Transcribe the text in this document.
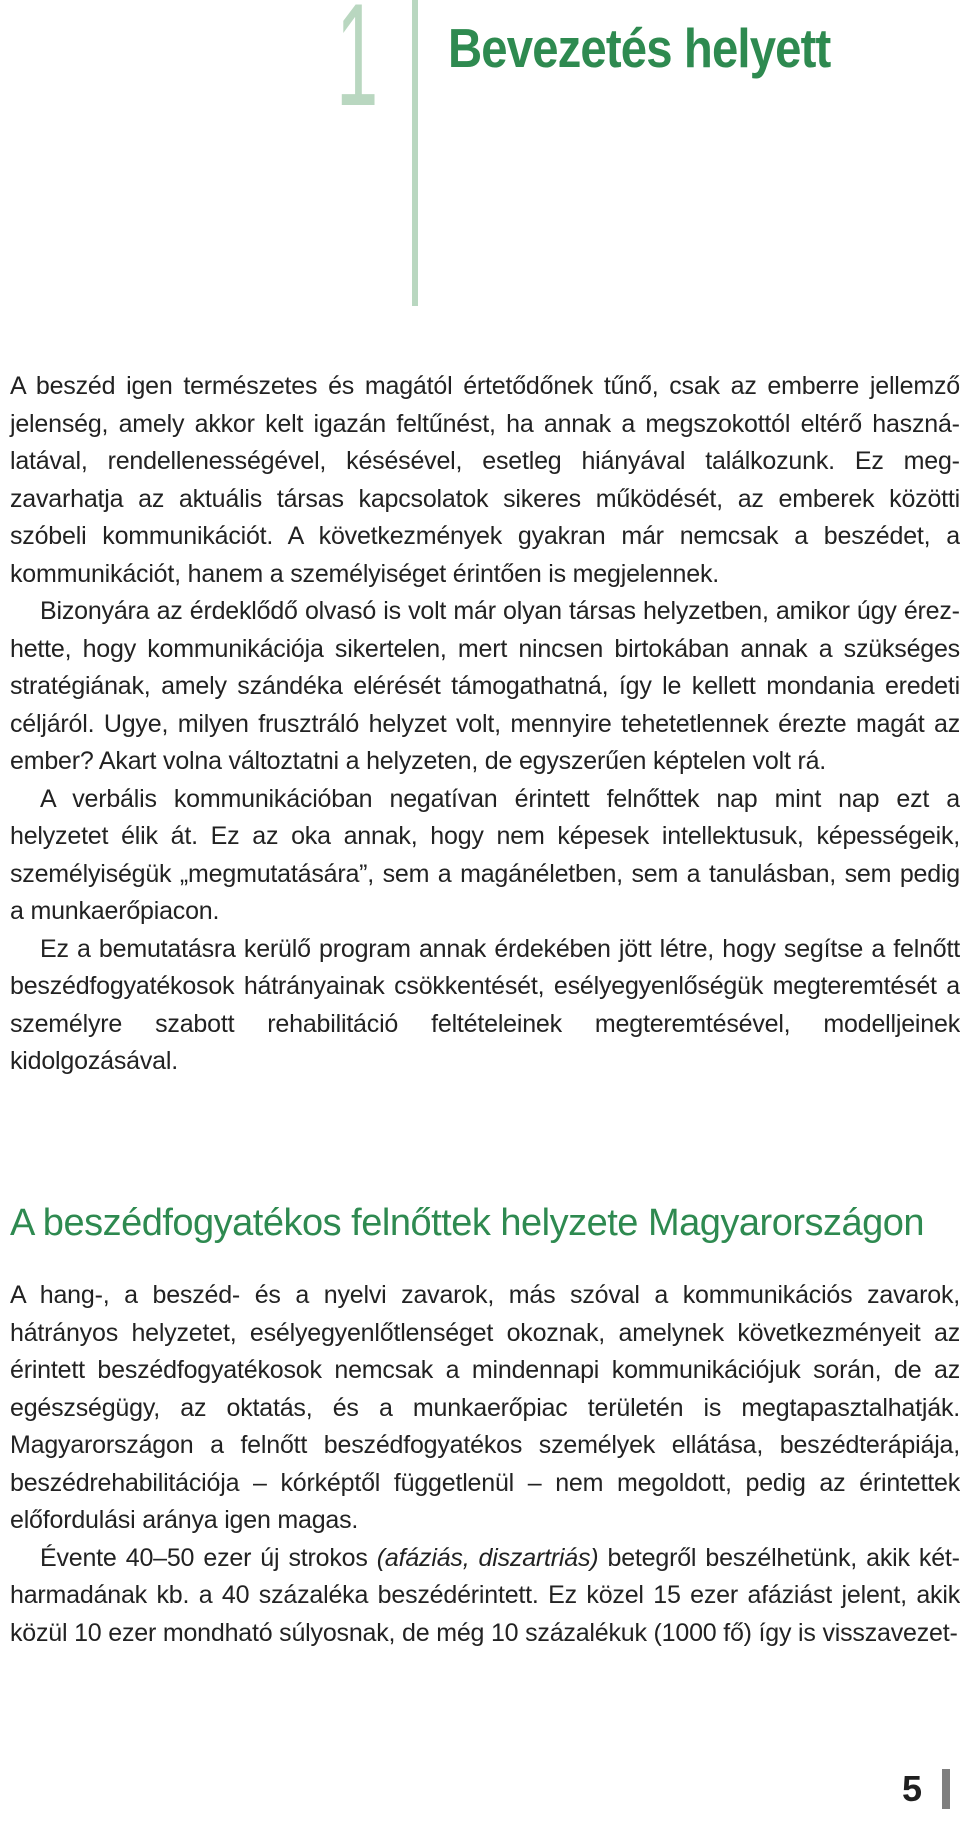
1 Bevezetés helyett

A beszéd igen természetes és magától értetődőnek tűnő, csak az emberre jellemző jelenség, amely akkor kelt igazán feltűnést, ha annak a megszokottól eltérő használatával, rendellenességével, késésével, esetleg hiányával találkozunk. Ez megzavarhatja az aktuális társas kapcsolatok sikeres működését, az emberek közötti szóbeli kommunikációt. A következmények gyakran már nemcsak a beszédet, a kommunikációt, hanem a személyiséget érintően is megjelennek.

Bizonyára az érdeklődő olvasó is volt már olyan társas helyzetben, amikor úgy érezhette, hogy kommunikációja sikertelen, mert nincsen birtokában annak a szükséges stratégiának, amely szándéka elérését támogathatná, így le kellett mondania eredeti céljáról. Ugye, milyen frusztráló helyzet volt, mennyire tehetetlennek érezte magát az ember? Akart volna változtatni a helyzeten, de egyszerűen képtelen volt rá.

A verbális kommunikációban negatívan érintett felnőttek nap mint nap ezt a helyzetet élik át. Ez az oka annak, hogy nem képesek intellektusuk, képességeik, személyiségük „megmutatására”, sem a magánéletben, sem a tanulásban, sem pedig a munkaerőpiacon.

Ez a bemutatásra kerülő program annak érdekében jött létre, hogy segítse a felnőtt beszédfogyatékosok hátrányainak csökkentését, esélyegyenlőségük megteremtését a személyre szabott rehabilitáció feltételeinek megteremtésével, modelljeinek kidolgozásával.

A beszédfogyatékos felnőttek helyzete Magyarországon

A hang-, a beszéd- és a nyelvi zavarok, más szóval a kommunikációs zavarok, hátrányos helyzetet, esélyegyenlőtlenséget okoznak, amelynek következményeit az érintett beszédfogyatékosok nemcsak a mindennapi kommunikációjuk során, de az egészségügy, az oktatás, és a munkaerőpiac területén is megtapasztalhatják. Magyarországon a felnőtt beszédfogyatékos személyek ellátása, beszédterápiája, beszédrehabilitációja – kórképtől függetlenül – nem megoldott, pedig az érintettek előfordulási aránya igen magas.

Évente 40–50 ezer új strokos (afáziás, diszartriás) betegről beszélhetünk, akik kétharmadának kb. a 40 százaléka beszédérintett. Ez közel 15 ezer afáziást jelent, akik közül 10 ezer mondható súlyosnak, de még 10 százalékuk (1000 fő) így is visszavezet-

5
